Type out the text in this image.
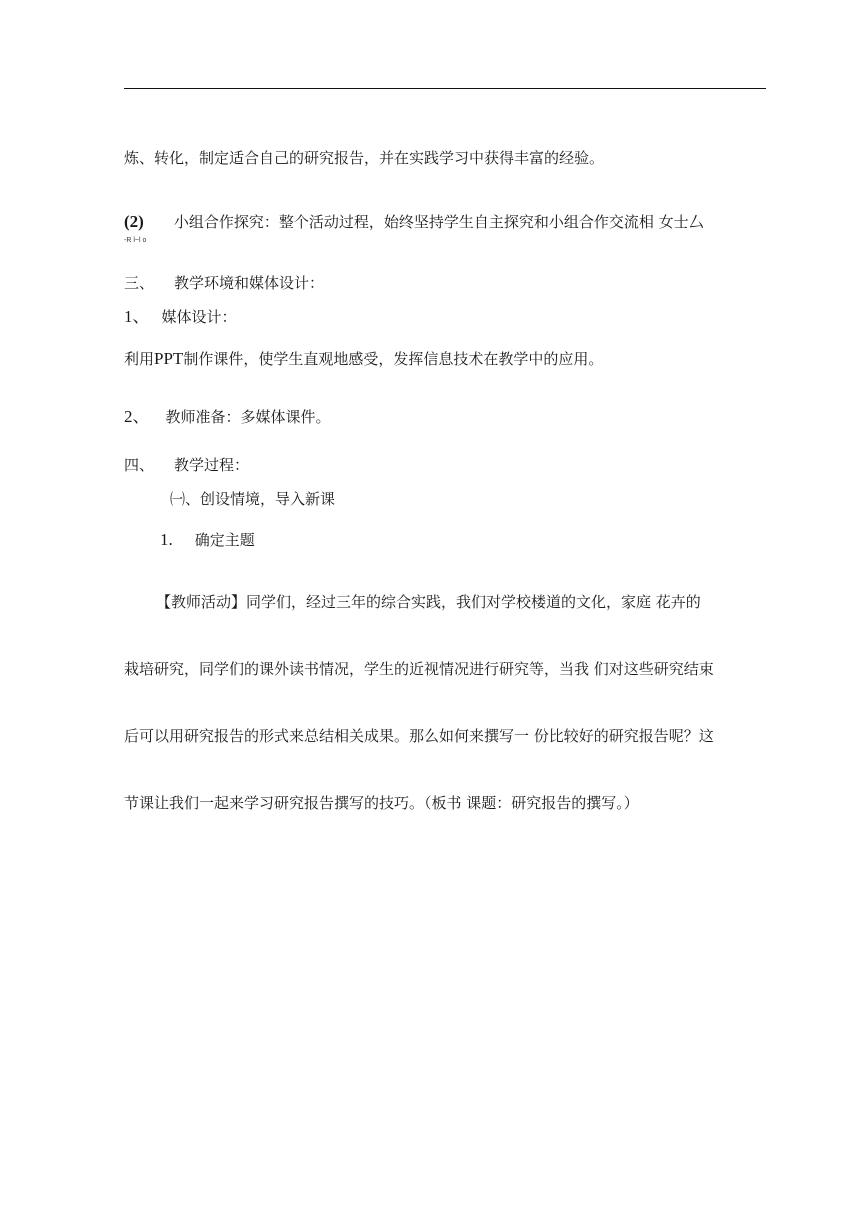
炼、转化，制定适合自己的研究报告，并在实践学习中获得丰富的经验。
(2) 小组合作探究：整个活动过程，始终坚持学生自主探究和小组合作交流相 女士厶
-R l~l o
三、 教学环境和媒体设计：
1、 媒体设计：
利用PPT制作课件，使学生直观地感受，发挥信息技术在教学中的应用。
2、 教师准备：多媒体课件。
四、 教学过程：
㈠、创设情境，导入新课
1. 确定主题
【教师活动】同学们，经过三年的综合实践，我们对学校楼道的文化，家庭 花卉的
栽培研究，同学们的课外读书情况，学生的近视情况进行研究等，当我 们对这些研究结束
后可以用研究报告的形式来总结相关成果。那么如何来撰写一 份比较好的研究报告呢？这
节课让我们一起来学习研究报告撰写的技巧。（板书 课题：研究报告的撰写。）
